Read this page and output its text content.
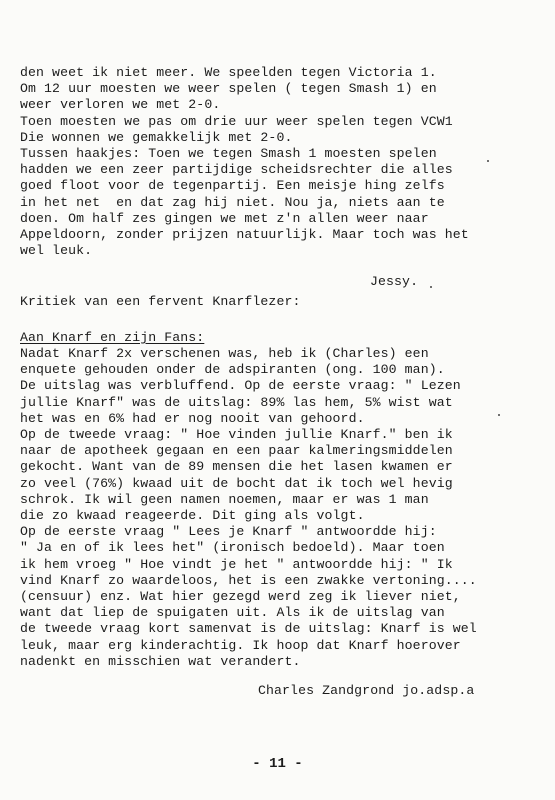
den weet ik niet meer. We speelden tegen Victoria 1.
Om 12 uur moesten we weer spelen ( tegen Smash 1) en
weer verloren we met 2-0.
Toen moesten we pas om drie uur weer spelen tegen VCW1
Die wonnen we gemakkelijk met 2-0.
Tussen haakjes: Toen we tegen Smash 1 moesten spelen
hadden we een zeer partijdige scheidsrechter die alles
goed floot voor de tegenpartij. Een meisje hing zelfs
in het net  en dat zag hij niet. Nou ja, niets aan te
doen. Om half zes gingen we met z'n allen weer naar
Appeldoorn, zonder prijzen natuurlijk. Maar toch was het
wel leuk.
Jessy.
Kritiek van een fervent Knarflezer:
Aan Knarf en zijn Fans:
Nadat Knarf 2x verschenen was, heb ik (Charles) een
enquete gehouden onder de adspiranten (ong. 100 man).
De uitslag was verbluffend. Op de eerste vraag: " Lezen
jullie Knarf" was de uitslag: 89% las hem, 5% wist wat
het was en 6% had er nog nooit van gehoord.
Op de tweede vraag: " Hoe vinden jullie Knarf." ben ik
naar de apotheek gegaan en een paar kalmeringsmiddelen
gekocht. Want van de 89 mensen die het lasen kwamen er
zo veel (76%) kwaad uit de bocht dat ik toch wel hevig
schrok. Ik wil geen namen noemen, maar er was 1 man
die zo kwaad reageerde. Dit ging als volgt.
Op de eerste vraag " Lees je Knarf " antwoordde hij:
" Ja en of ik lees het" (ironisch bedoeld). Maar toen
ik hem vroeg " Hoe vindt je het " antwoordde hij: " Ik
vind Knarf zo waardeloos, het is een zwakke vertoning....
(censuur) enz. Wat hier gezegd werd zeg ik liever niet,
want dat liep de spuigaten uit. Als ik de uitslag van
de tweede vraag kort samenvat is de uitslag: Knarf is wel
leuk, maar erg kinderachtig. Ik hoop dat Knarf hoerover
nadenkt en misschien wat verandert.
Charles Zandgrond jo.adsp.a
- 11 -
